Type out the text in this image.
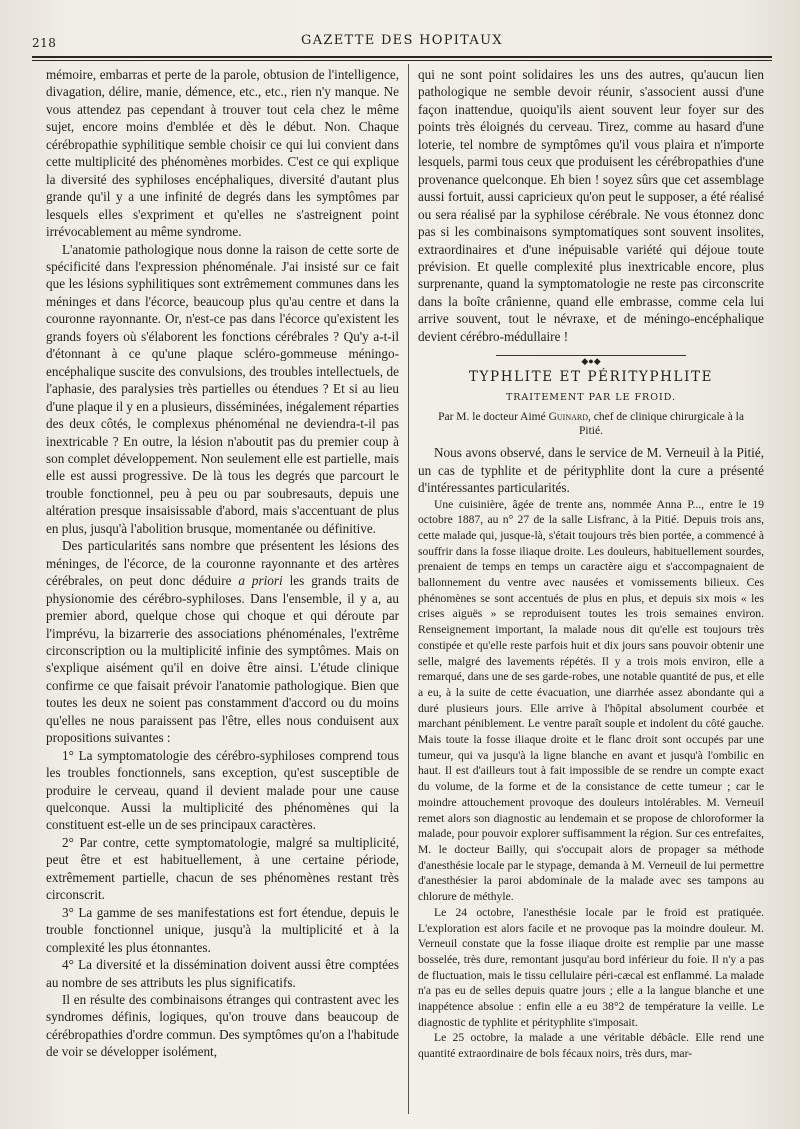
218	GAZETTE DES HOPITAUX

mémoire, embarras et perte de la parole, obtusion de l'intelligence, divagation, délire, manie, démence, etc., etc., rien n'y manque. Ne vous attendez pas cependant à trouver tout cela chez le même sujet, encore moins d'emblée et dès le début. Non. Chaque cérébropathie syphilitique semble choisir ce qui lui convient dans cette multiplicité des phénomènes morbides. C'est ce qui explique la diversité des syphiloses encéphaliques, diversité d'autant plus grande qu'il y a une infinité de degrés dans les symptômes par lesquels elles s'expriment et qu'elles ne s'astreignent point irrévocablement au même syndrome.

L'anatomie pathologique nous donne la raison de cette sorte de spécificité dans l'expression phénoménale. J'ai insisté sur ce fait que les lésions syphilitiques sont extrêmement communes dans les méninges et dans l'écorce, beaucoup plus qu'au centre et dans la couronne rayonnante. Or, n'est-ce pas dans l'écorce qu'existent les grands foyers où s'élaborent les fonctions cérébrales ? Qu'y a-t-il d'étonnant à ce qu'une plaque scléro-gommeuse méningo-encéphalique suscite des convulsions, des troubles intellectuels, de l'aphasie, des paralysies très partielles ou étendues ? Et si au lieu d'une plaque il y en a plusieurs, disséminées, inégalement réparties des deux côtés, le complexus phénoménal ne deviendra-t-il pas inextricable ? En outre, la lésion n'aboutit pas du premier coup à son complet développement. Non seulement elle est partielle, mais elle est aussi progressive. De là tous les degrés que parcourt le trouble fonctionnel, peu à peu ou par soubresauts, depuis une altération presque insaisissable d'abord, mais s'accentuant de plus en plus, jusqu'à l'abolition brusque, momentanée ou définitive.

Des particularités sans nombre que présentent les lésions des méninges, de l'écorce, de la couronne rayonnante et des artères cérébrales, on peut donc déduire a priori les grands traits de physionomie des cérébro-syphiloses. Dans l'ensemble, il y a, au premier abord, quelque chose qui choque et qui déroute par l'imprévu, la bizarrerie des associations phénoménales, l'extrême circonscription ou la multiplicité infinie des symptômes. Mais on s'explique aisément qu'il en doive être ainsi. L'étude clinique confirme ce que faisait prévoir l'anatomie pathologique. Bien que toutes les deux ne soient pas constamment d'accord ou du moins qu'elles ne nous paraissent pas l'être, elles nous conduisent aux propositions suivantes :

1° La symptomatologie des cérébro-syphiloses comprend tous les troubles fonctionnels, sans exception, qu'est susceptible de produire le cerveau, quand il devient malade pour une cause quelconque. Aussi la multiplicité des phénomènes qui la constituent est-elle un de ses principaux caractères.

2° Par contre, cette symptomatologie, malgré sa multiplicité, peut être et est habituellement, à une certaine période, extrêmement partielle, chacun de ses phénomènes restant très circonscrit.

3° La gamme de ses manifestations est fort étendue, depuis le trouble fonctionnel unique, jusqu'à la multiplicité et à la complexité les plus étonnantes.

4° La diversité et la dissémination doivent aussi être comptées au nombre de ses attributs les plus significatifs.

Il en résulte des combinaisons étranges qui contrastent avec les syndromes définis, logiques, qu'on trouve dans beaucoup de cérébropathies d'ordre commun. Des symptômes qu'on a l'habitude de voir se développer isolément,

qui ne sont point solidaires les uns des autres, qu'aucun lien pathologique ne semble devoir réunir, s'associent aussi d'une façon inattendue, quoiqu'ils aient souvent leur foyer sur des points très éloignés du cerveau. Tirez, comme au hasard d'une loterie, tel nombre de symptômes qu'il vous plaira et n'importe lesquels, parmi tous ceux que produisent les cérébropathies d'une provenance quelconque. Eh bien ! soyez sûrs que cet assemblage aussi fortuit, aussi capricieux qu'on peut le supposer, a été réalisé ou sera réalisé par la syphilose cérébrale. Ne vous étonnez donc pas si les combinaisons symptomatiques sont souvent insolites, extraordinaires et d'une inépuisable variété qui déjoue toute prévision. Et quelle complexité plus inextricable encore, plus surprenante, quand la symptomatologie ne reste pas circonscrite dans la boîte crânienne, quand elle embrasse, comme cela lui arrive souvent, tout le névraxe, et de méningo-encéphalique devient cérébro-médullaire !

◆●◆
TYPHLITE ET PÉRITYPHLITE
TRAITEMENT PAR LE FROID.
Par M. le docteur Aimé Guinard, chef de clinique chirurgicale à la Pitié.

Nous avons observé, dans le service de M. Verneuil à la Pitié, un cas de typhlite et de pérityphlite dont la cure a présenté d'intéressantes particularités.

Une cuisinière, âgée de trente ans, nommée Anna P..., entre le 19 octobre 1887, au n° 27 de la salle Lisfranc, à la Pitié. Depuis trois ans, cette malade qui, jusque-là, s'était toujours très bien portée, a commencé à souffrir dans la fosse iliaque droite. Les douleurs, habituellement sourdes, prenaient de temps en temps un caractère aigu et s'accompagnaient de ballonnement du ventre avec nausées et vomissements bilieux. Ces phénomènes se sont accentués de plus en plus, et depuis six mois « les crises aiguës » se reproduisent toutes les trois semaines environ. Renseignement important, la malade nous dit qu'elle est toujours très constipée et qu'elle reste parfois huit et dix jours sans pouvoir obtenir une selle, malgré des lavements répétés. Il y a trois mois environ, elle a remarqué, dans une de ses garde-robes, une notable quantité de pus, et elle a eu, à la suite de cette évacuation, une diarrhée assez abondante qui a duré plusieurs jours. Elle arrive à l'hôpital absolument courbée et marchant péniblement. Le ventre paraît souple et indolent du côté gauche. Mais toute la fosse iliaque droite et le flanc droit sont occupés par une tumeur, qui va jusqu'à la ligne blanche en avant et jusqu'à l'ombilic en haut. Il est d'ailleurs tout à fait impossible de se rendre un compte exact du volume, de la forme et de la consistance de cette tumeur ; car le moindre attouchement provoque des douleurs intolérables. M. Verneuil remet alors son diagnostic au lendemain et se propose de chloroformer la malade, pour pouvoir explorer suffisamment la région. Sur ces entrefaites, M. le docteur Bailly, qui s'occupait alors de propager sa méthode d'anesthésie locale par le stypage, demanda à M. Verneuil de lui permettre d'anesthésier la paroi abdominale de la malade avec ses tampons au chlorure de méthyle.

Le 24 octobre, l'anesthésie locale par le froid est pratiquée. L'exploration est alors facile et ne provoque pas la moindre douleur. M. Verneuil constate que la fosse iliaque droite est remplie par une masse bosselée, très dure, remontant jusqu'au bord inférieur du foie. Il n'y a pas de fluctuation, mais le tissu cellulaire péri-cæcal est enflammé. La malade n'a pas eu de selles depuis quatre jours ; elle a la langue blanche et une inappétence absolue : enfin elle a eu 38°2 de température la veille. Le diagnostic de typhlite et pérityphlite s'imposait.

Le 25 octobre, la malade a une véritable débâcle. Elle rend une quantité extraordinaire de bols fécaux noirs, très durs, mar-
